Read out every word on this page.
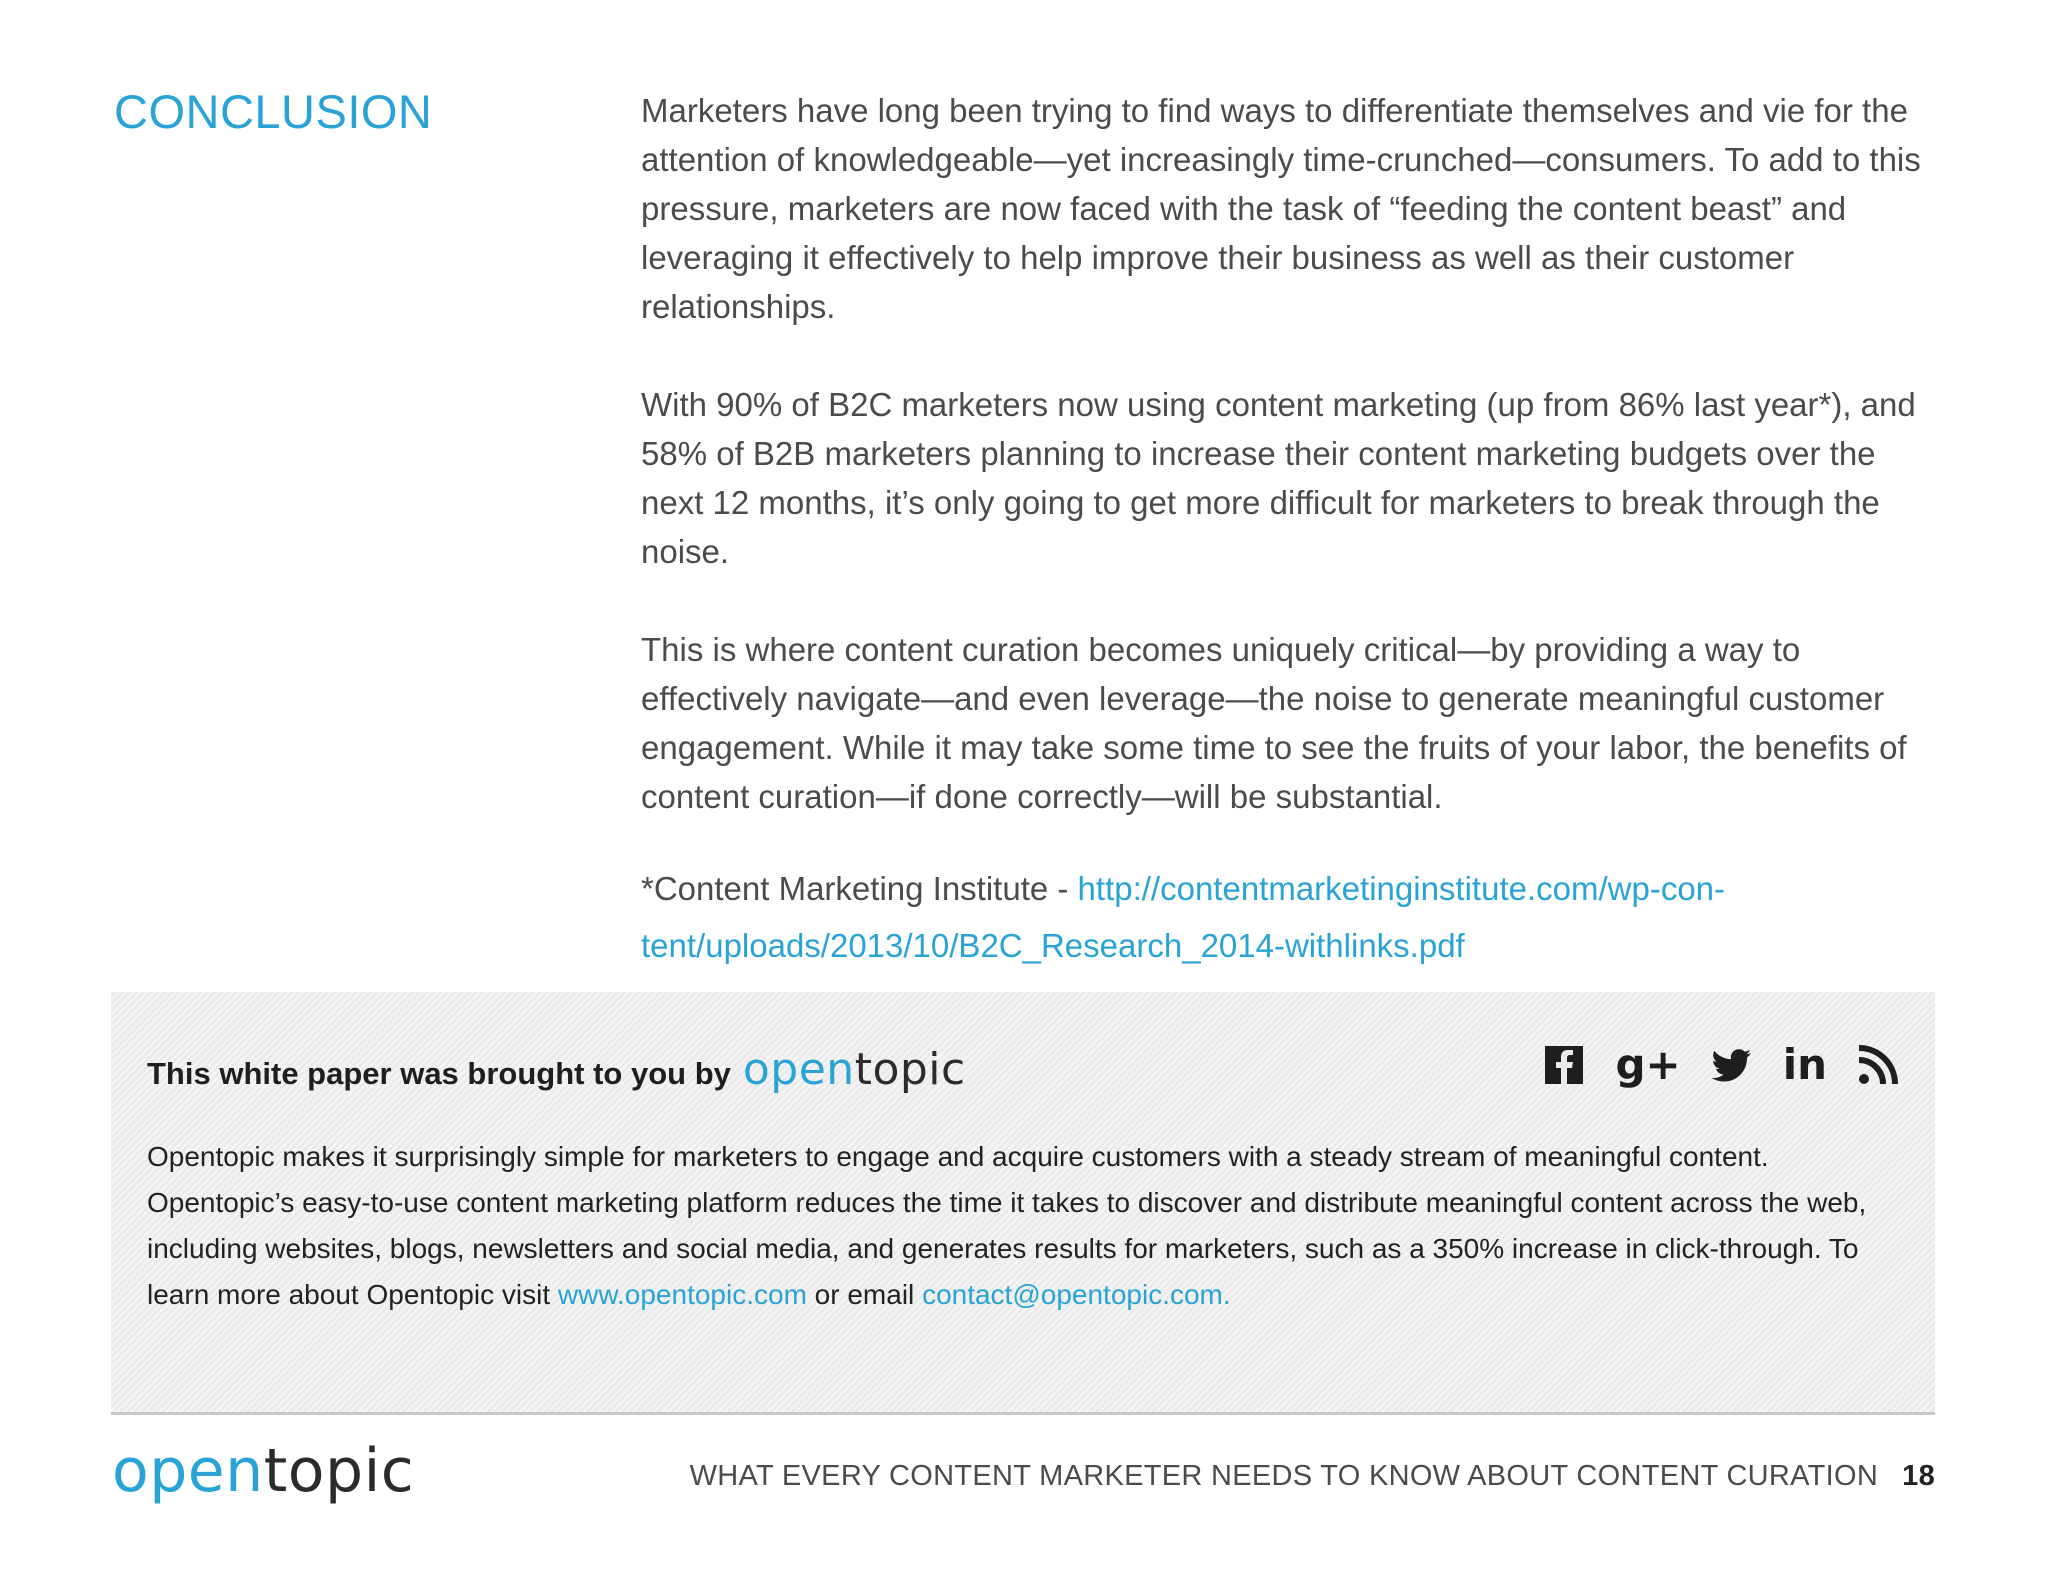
CONCLUSION	Marketers have long been trying to find ways to differentiate themselves and vie for the attention of knowledgeable—yet increasingly time-crunched—consumers. To add to this pressure, marketers are now faced with the task of “feeding the content beast” and leveraging it effectively to help improve their business as well as their customer relationships.

With 90% of B2C marketers now using content marketing (up from 86% last year*), and 58% of B2B marketers planning to increase their content marketing budgets over the next 12 months, it’s only going to get more difficult for marketers to break through the noise.

This is where content curation becomes uniquely critical—by providing a way to effectively navigate—and even leverage—the noise to generate meaningful customer engagement. While it may take some time to see the fruits of your labor, the benefits of content curation—if done correctly—will be substantial.

*Content Marketing Institute - http://contentmarketinginstitute.com/wp-con-
tent/uploads/2013/10/B2C_Research_2014-withlinks.pdf
This white paper was brought to you by opentopic	g+ in

Opentopic makes it surprisingly simple for marketers to engage and acquire customers with a steady stream of meaningful content. Opentopic’s easy-to-use content marketing platform reduces the time it takes to discover and distribute meaningful content across the web, including websites, blogs, newsletters and social media, and generates results for marketers, such as a 350% increase in click-through. To learn more about Opentopic visit www.opentopic.com or email contact@opentopic.com.

opentopic	WHAT EVERY CONTENT MARKETER NEEDS TO KNOW ABOUT CONTENT CURATION 18
